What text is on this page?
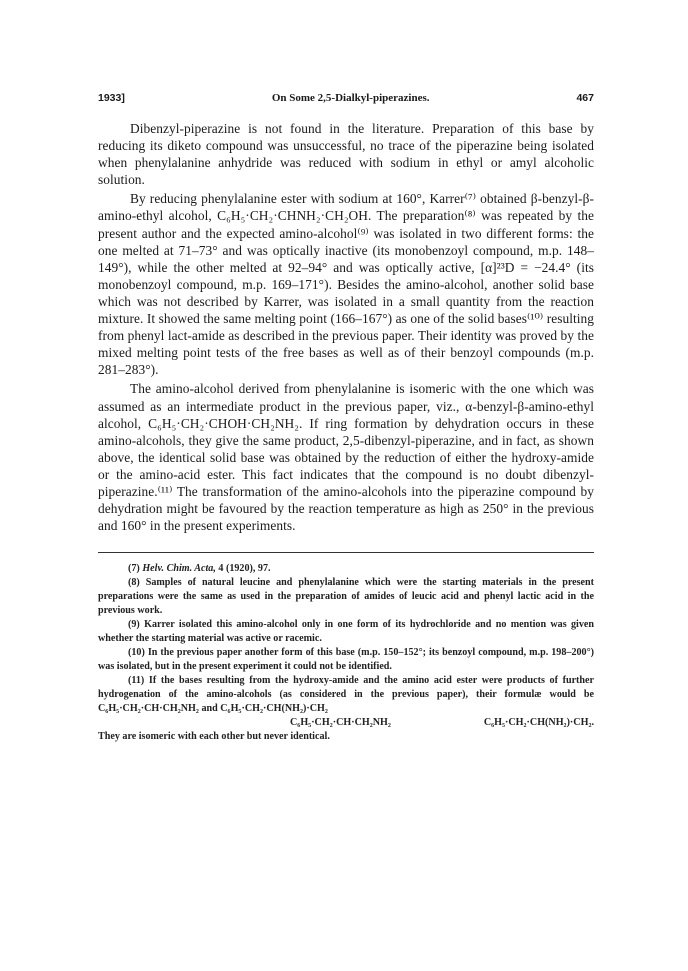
1933]	On Some 2,5-Dialkyl-piperazines.	467

Dibenzyl-piperazine is not found in the literature. Preparation of this base by reducing its diketo compound was unsuccessful, no trace of the piperazine being isolated when phenylalanine anhydride was reduced with sodium in ethyl or amyl alcoholic solution.

By reducing phenylalanine ester with sodium at 160°, Karrer⁽⁷⁾ obtained β-benzyl-β-amino-ethyl alcohol, C₆H₅·CH₂·CHNH₂·CH₂OH. The preparation⁽⁸⁾ was repeated by the present author and the expected amino-alcohol⁽⁹⁾ was isolated in two different forms: the one melted at 71–73° and was optically inactive (its monobenzoyl compound, m.p. 148–149°), while the other melted at 92–94° and was optically active, [α]²³D = −24.4° (its monobenzoyl compound, m.p. 169–171°). Besides the amino-alcohol, another solid base which was not described by Karrer, was isolated in a small quantity from the reaction mixture. It showed the same melting point (166–167°) as one of the solid bases⁽¹⁰⁾ resulting from phenyl lact-amide as described in the previous paper. Their identity was proved by the mixed melting point tests of the free bases as well as of their benzoyl compounds (m.p. 281–283°).

The amino-alcohol derived from phenylalanine is isomeric with the one which was assumed as an intermediate product in the previous paper, viz., α-benzyl-β-amino-ethyl alcohol, C₆H₅·CH₂·CHOH·CH₂NH₂. If ring formation by dehydration occurs in these amino-alcohols, they give the same product, 2,5-dibenzyl-piperazine, and in fact, as shown above, the identical solid base was obtained by the reduction of either the hydroxy-amide or the amino-acid ester. This fact indicates that the compound is no doubt dibenzyl-piperazine.⁽¹¹⁾ The transformation of the amino-alcohols into the piperazine compound by dehydration might be favoured by the reaction temperature as high as 250° in the previous and 160° in the present experiments.

(7) Helv. Chim. Acta, 4 (1920), 97.

(8) Samples of natural leucine and phenylalanine which were the starting materials in the present preparations were the same as used in the preparation of amides of leucic acid and phenyl lactic acid in the previous work.

(9) Karrer isolated this amino-alcohol only in one form of its hydrochloride and no mention was given whether the starting material was active or racemic.

(10) In the previous paper another form of this base (m.p. 150–152°; its benzoyl compound, m.p. 198–200°) was isolated, but in the present experiment it could not be identified.

(11) If the bases resulting from the hydroxy-amide and the amino acid ester were products of further hydrogenation of the amino-alcohols (as considered in the previous paper), their formulæ would be C₆H₅·CH₂·CH·CH₂NH₂ and C₆H₅·CH₂·CH(NH₂)·CH₂

C₆H₅·CH₂·CH·CH₂NH₂	C₆H₅·CH₂·CH(NH₂)·CH₂.

They are isomeric with each other but never identical.
